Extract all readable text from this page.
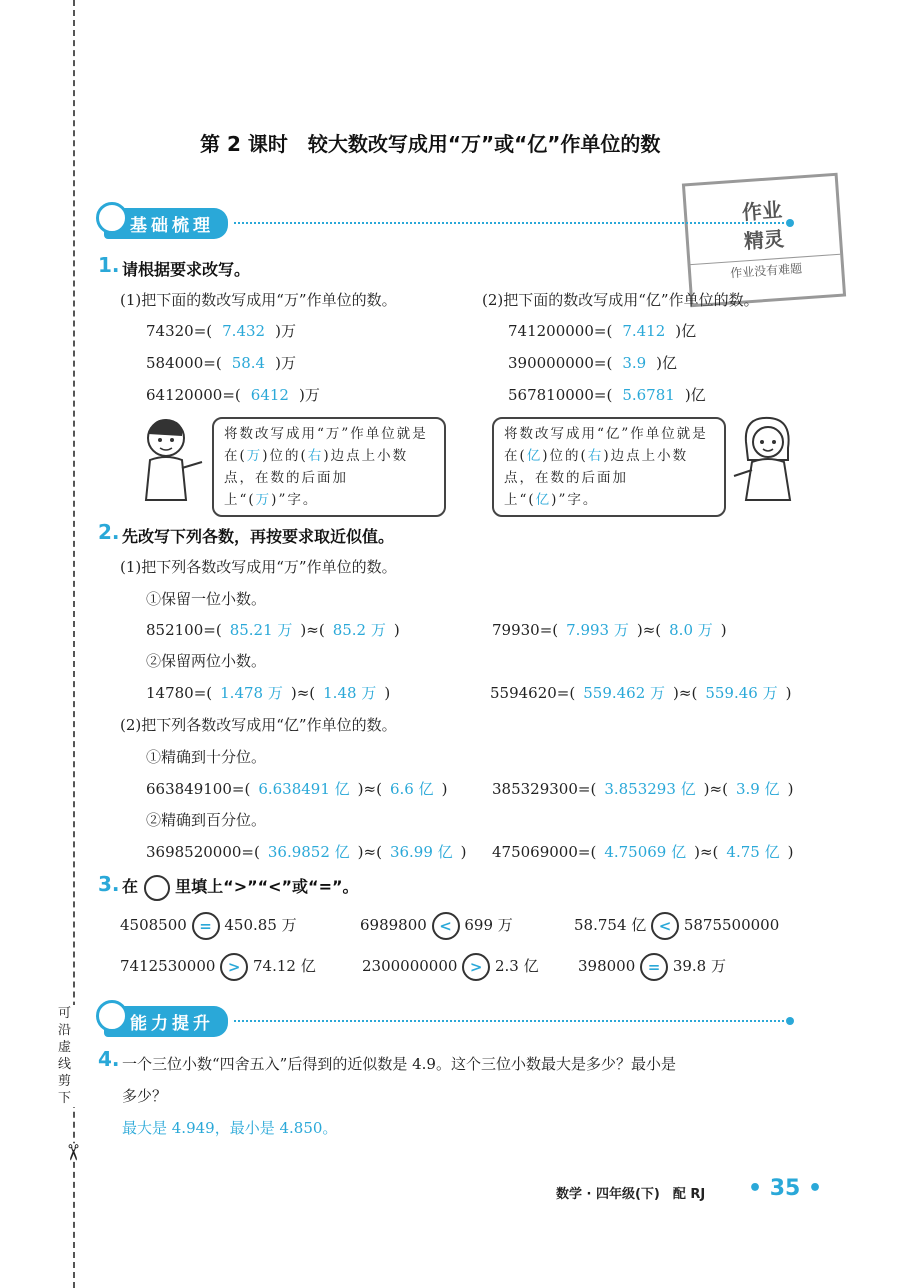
可沿虚线剪下
✂
第 2 课时　较大数改写成用“万”或“亿”作单位的数
作业
精灵
作业没有难题
基础梳理
1. 请根据要求改写。
(1)把下面的数改写成用“万”作单位的数。	(2)把下面的数改写成用“亿”作单位的数。
74320=( 7.432 )万
584000=( 58.4 )万
64120000=( 6412 )万
741200000=( 7.412 )亿
390000000=( 3.9 )亿
567810000=( 5.6781 )亿
将数改写成用“万”作单位就是在(万)位的(右)边点上小数点，在数的后面加上“(万)”字。
将数改写成用“亿”作单位就是在(亿)位的(右)边点上小数点，在数的后面加上“(亿)”字。
2. 先改写下列各数，再按要求取近似值。
(1)把下列各数改写成用“万”作单位的数。
①保留一位小数。
852100=( 85.21 万 )≈( 85.2 万 )	79930=( 7.993 万 )≈( 8.0 万 )
②保留两位小数。
14780=( 1.478 万 )≈( 1.48 万 )	5594620=( 559.462 万 )≈( 559.46 万 )
(2)把下列各数改写成用“亿”作单位的数。
①精确到十分位。
663849100=( 6.638491 亿 )≈( 6.6 亿 )	385329300=( 3.853293 亿 )≈( 3.9 亿 )
②精确到百分位。
3698520000=( 36.9852 亿 )≈( 36.99 亿 ) 475069000=( 4.75069 亿 )≈( 4.75 亿 )
3. 在 里填上“>”“<”或“=”。
4508500 = 450.85 万	6989800 < 699 万	58.754 亿 < 5875500000
7412530000 > 74.12 亿	2300000000 > 2.3 亿	398000 = 39.8 万
能力提升
4. 一个三位小数“四舍五入”后得到的近似数是 4.9。这个三位小数最大是多少？最小是
多少？
最大是 4.949，最小是 4.850。
数学 · 四年级(下)　配 RJ • 35 •
